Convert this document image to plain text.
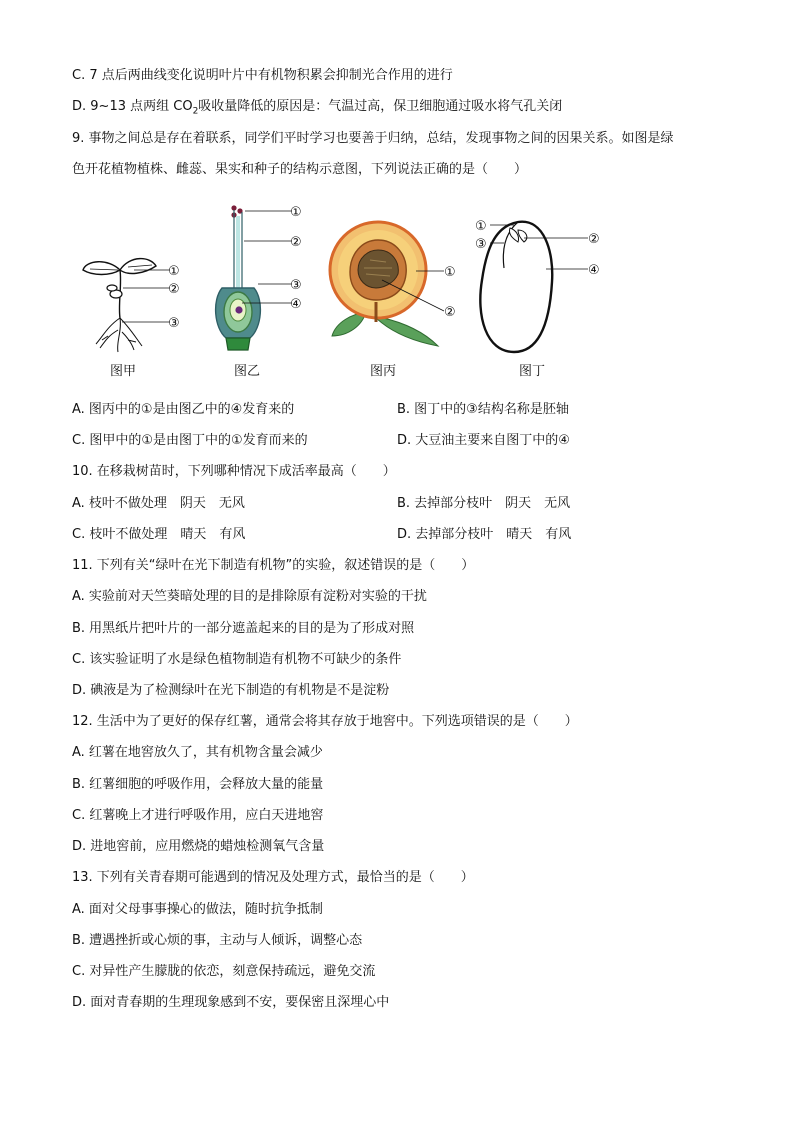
C. 7 点后两曲线变化说明叶片中有机物积累会抑制光合作用的进行
D. 9~13 点两组 $CO_2$吸收量降低的原因是：气温过高，保卫细胞通过吸水将气孔关闭
9. 事物之间总是存在着联系，同学们平时学习也要善于归纳，总结，发现事物之间的因果关系。如图是绿
色开花植物植株、雌蕊、果实和种子的结构示意图，下列说法正确的是（　　）
①
②
③
图甲
①
②
③
④
图乙
①
②
图丙
①
③	②
④
图丁
A. 图丙中的①是由图乙中的④发育来的	B. 图丁中的③结构名称是胚轴
C. 图甲中的①是由图丁中的①发育而来的	D. 大豆油主要来自图丁中的④
10. 在移栽树苗时，下列哪种情况下成活率最高（　　）
A. 枝叶不做处理　阴天　无风	B. 去掉部分枝叶　阴天　无风
C. 枝叶不做处理　晴天　有风	D. 去掉部分枝叶　晴天　有风
11. 下列有关“绿叶在光下制造有机物”的实验，叙述错误的是（　　）
A. 实验前对天竺葵暗处理的目的是排除原有淀粉对实验的干扰
B. 用黑纸片把叶片的一部分遮盖起来的目的是为了形成对照
C. 该实验证明了水是绿色植物制造有机物不可缺少的条件
D. 碘液是为了检测绿叶在光下制造的有机物是不是淀粉
12. 生活中为了更好的保存红薯，通常会将其存放于地窖中。下列选项错误的是（　　）
A. 红薯在地窖放久了，其有机物含量会减少
B. 红薯细胞的呼吸作用，会释放大量的能量
C. 红薯晚上才进行呼吸作用，应白天进地窖
D. 进地窖前，应用燃烧的蜡烛检测氧气含量
13. 下列有关青春期可能遇到的情况及处理方式，最恰当的是（　　）
A. 面对父母事事操心的做法，随时抗争抵制
B. 遭遇挫折或心烦的事，主动与人倾诉，调整心态
C. 对异性产生朦胧的依恋，刻意保持疏远，避免交流
D. 面对青春期的生理现象感到不安，要保密且深埋心中
